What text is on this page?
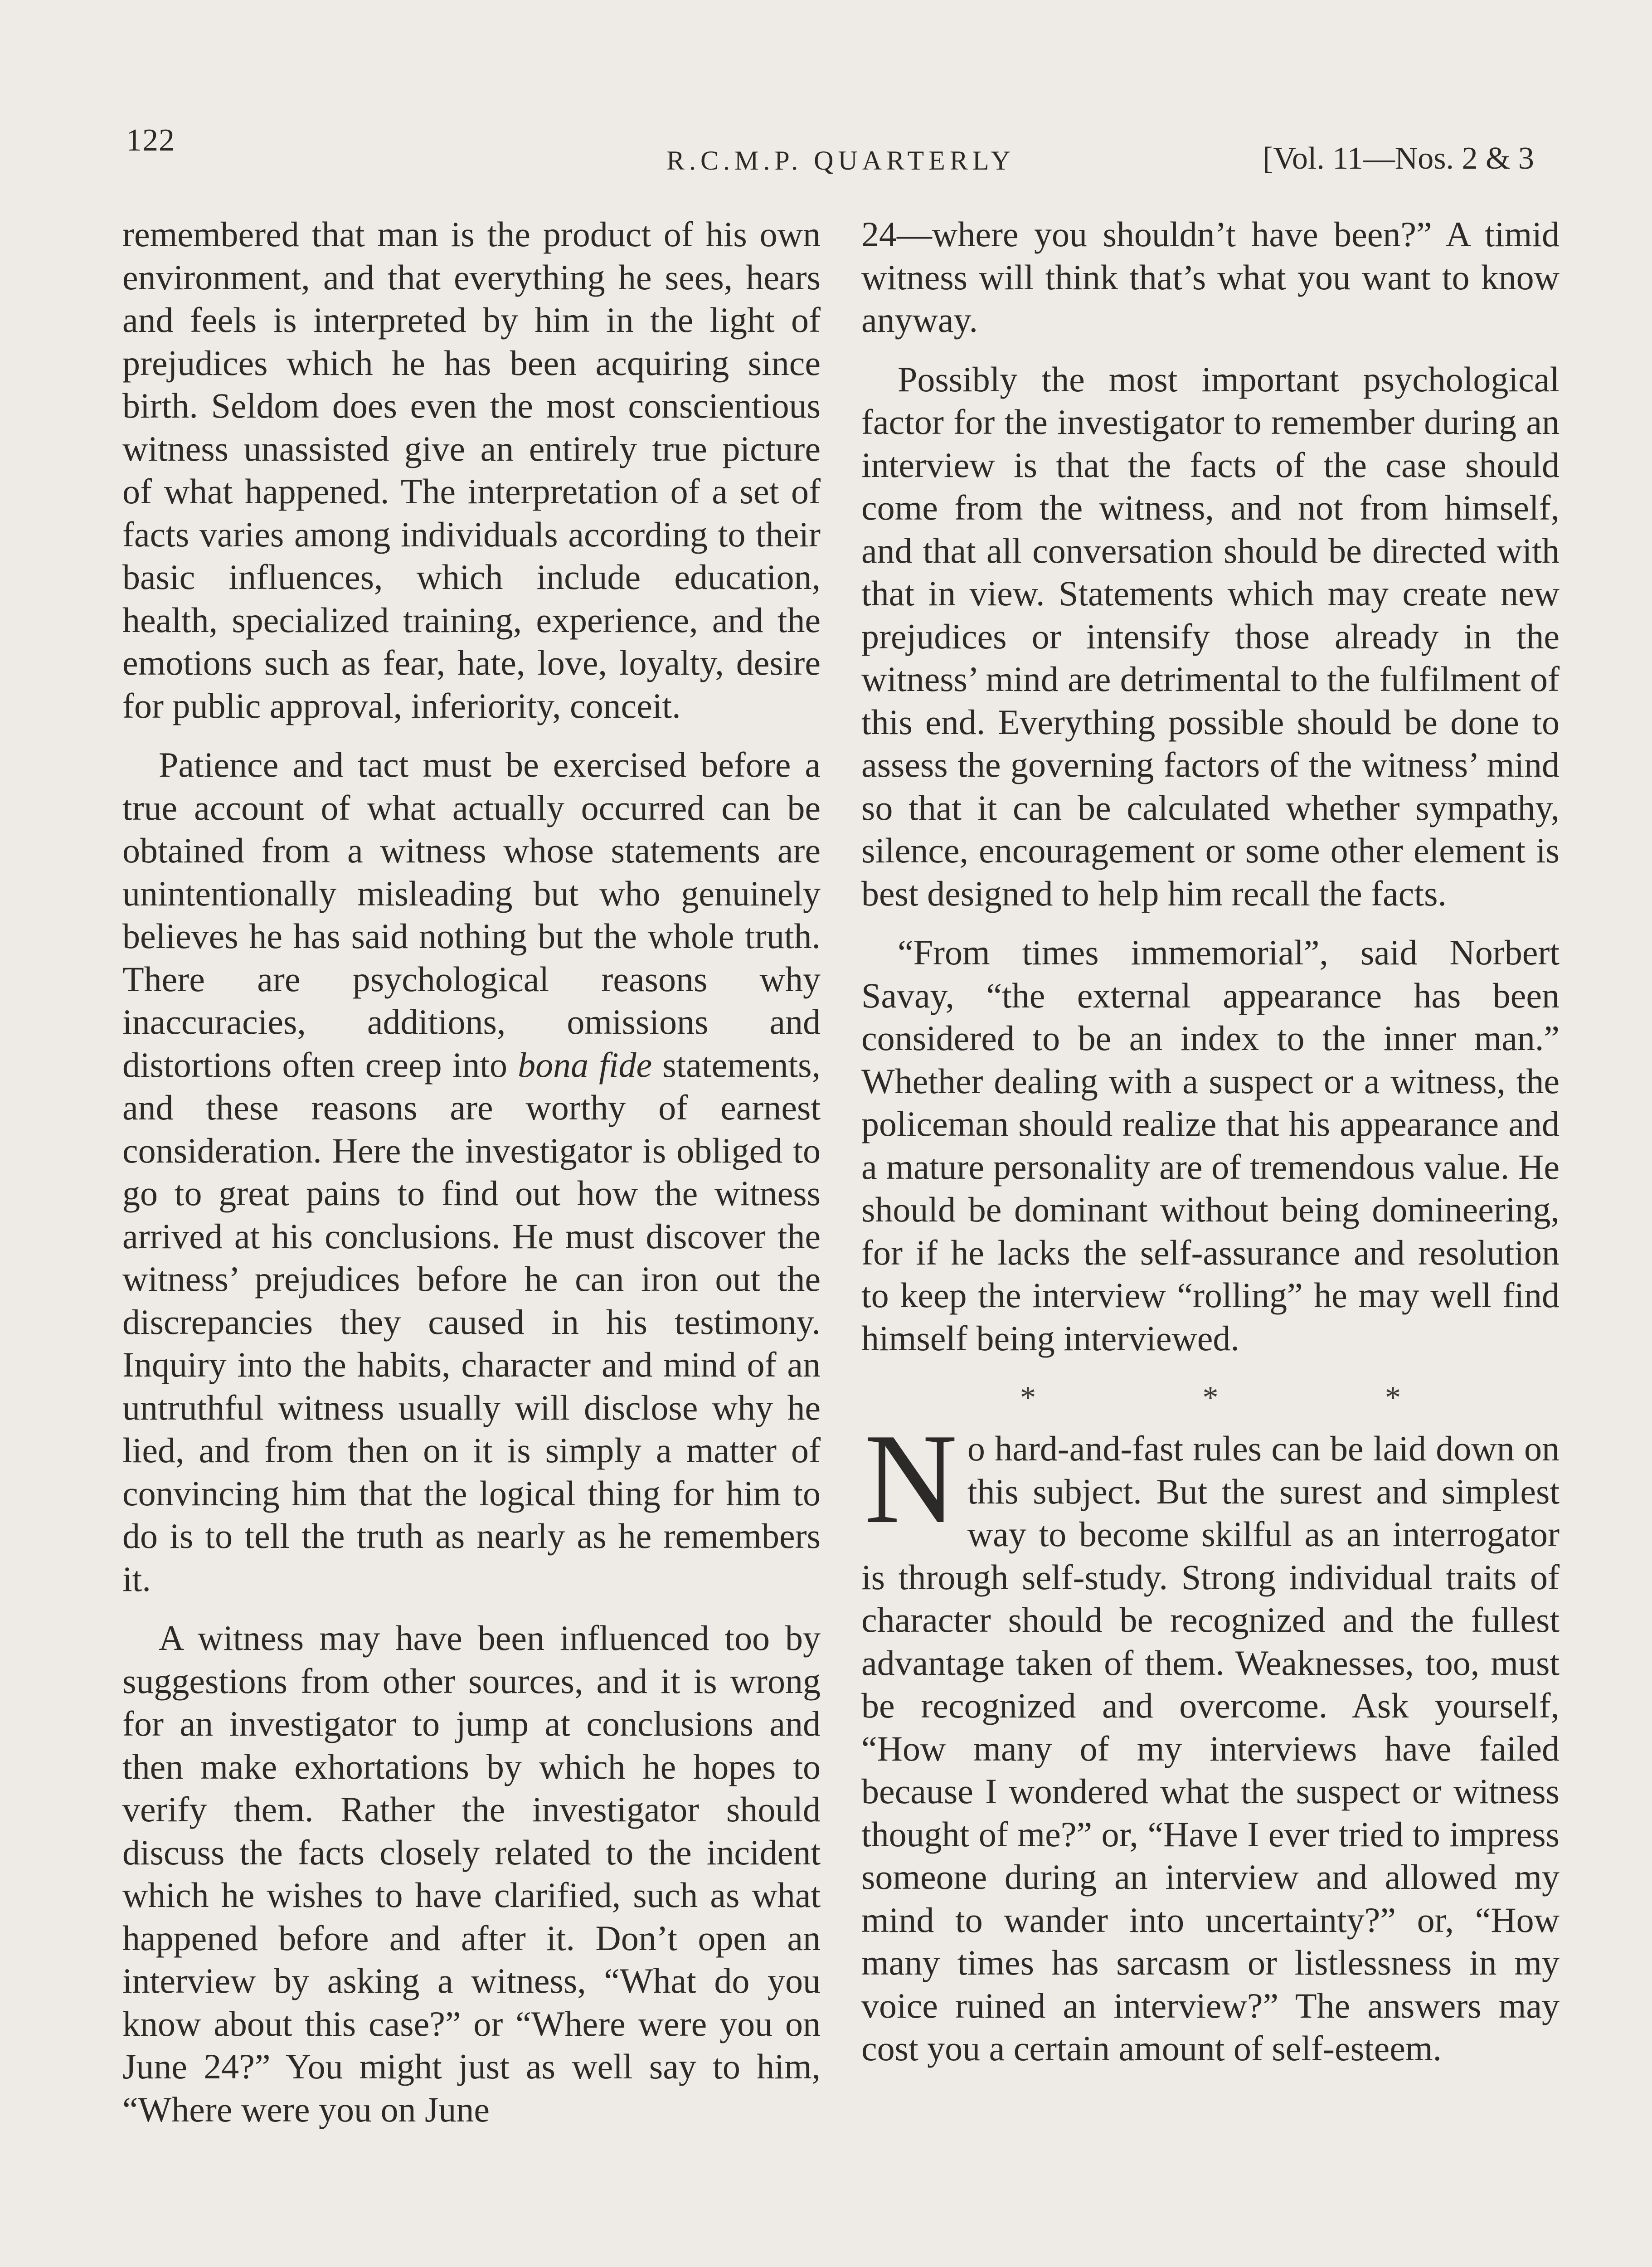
122
R.C.M.P. QUARTERLY	[Vol. 11—Nos. 2 & 3

remembered that man is the product of his own environment, and that everything he sees, hears and feels is interpreted by him in the light of prejudices which he has been acquiring since birth. Seldom does even the most conscientious witness unassisted give an entirely true picture of what happened. The interpretation of a set of facts varies among individuals according to their basic influences, which include education, health, specialized training, experience, and the emotions such as fear, hate, love, loyalty, desire for public approval, inferiority, conceit.

Patience and tact must be exercised before a true account of what actually occurred can be obtained from a witness whose statements are unintentionally misleading but who genuinely believes he has said nothing but the whole truth. There are psychological reasons why inaccuracies, additions, omissions and distortions often creep into bona fide statements, and these reasons are worthy of earnest consideration. Here the investigator is obliged to go to great pains to find out how the witness arrived at his conclusions. He must discover the witness’ prejudices before he can iron out the discrepancies they caused in his testimony. Inquiry into the habits, character and mind of an untruthful witness usually will disclose why he lied, and from then on it is simply a matter of convincing him that the logical thing for him to do is to tell the truth as nearly as he remembers it.

A witness may have been influenced too by suggestions from other sources, and it is wrong for an investigator to jump at conclusions and then make exhortations by which he hopes to verify them. Rather the investigator should discuss the facts closely related to the incident which he wishes to have clarified, such as what happened before and after it. Don’t open an interview by asking a witness, “What do you know about this case?” or “Where were you on June 24?” You might just as well say to him, “Where were you on June

24—where you shouldn’t have been?” A timid witness will think that’s what you want to know anyway.

Possibly the most important psychological factor for the investigator to remember during an interview is that the facts of the case should come from the witness, and not from himself, and that all conversation should be directed with that in view. Statements which may create new prejudices or intensify those already in the witness’ mind are detrimental to the fulfilment of this end. Everything possible should be done to assess the governing factors of the witness’ mind so that it can be calculated whether sympathy, silence, encouragement or some other element is best designed to help him recall the facts.

“From times immemorial”, said Norbert Savay, “the external appearance has been considered to be an index to the inner man.” Whether dealing with a suspect or a witness, the policeman should realize that his appearance and a mature personality are of tremendous value. He should be dominant without being domineering, for if he lacks the self-assurance and resolution to keep the interview “rolling” he may well find himself being interviewed.

* * *

No hard-and-fast rules can be laid down on this subject. But the surest and simplest way to become skilful as an interrogator is through self-study. Strong individual traits of character should be recognized and the fullest advantage taken of them. Weaknesses, too, must be recognized and overcome. Ask yourself, “How many of my interviews have failed because I wondered what the suspect or witness thought of me?” or, “Have I ever tried to impress someone during an interview and allowed my mind to wander into uncertainty?” or, “How many times has sarcasm or listlessness in my voice ruined an interview?” The answers may cost you a certain amount of self-esteem.
